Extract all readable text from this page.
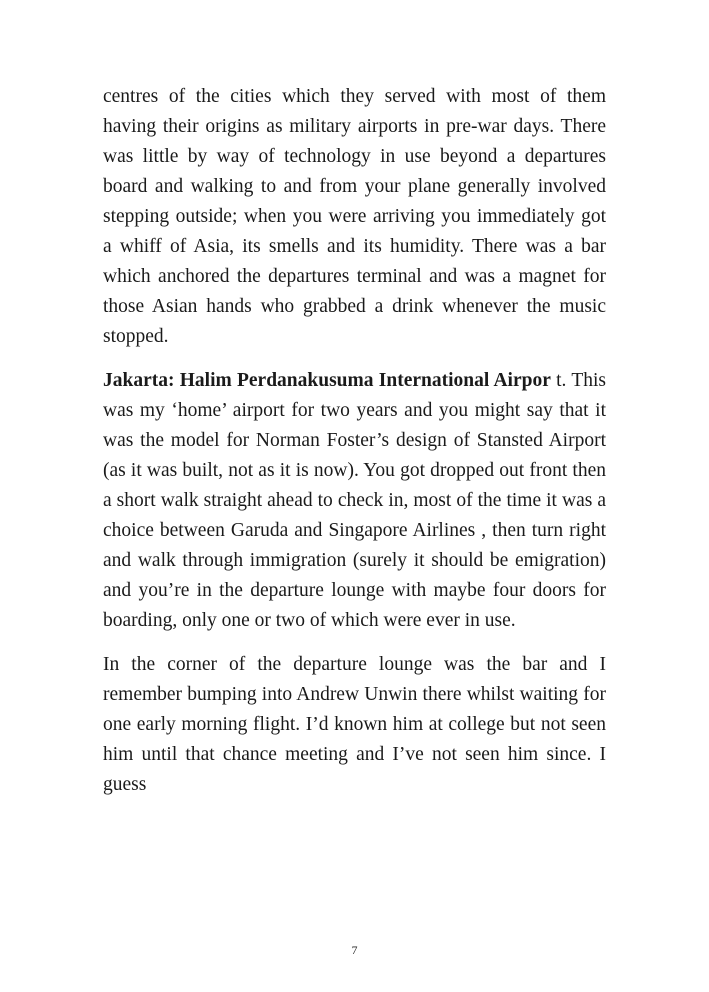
centres of the cities which they served with most of them having their origins as military airports in pre-war days. There was little by way of technology in use beyond a departures board and walking to and from your plane generally involved stepping outside; when you were arriving you immediately got a whiff of Asia, its smells and its humidity. There was a bar which anchored the departures terminal and was a magnet for those Asian hands who grabbed a drink whenever the music stopped.

Jakarta: Halim Perdanakusuma International Airpor t. This was my ‘home’ airport for two years and you might say that it was the model for Norman Foster’s design of Stansted Airport (as it was built, not as it is now). You got dropped out front then a short walk straight ahead to check in, most of the time it was a choice between Garuda and Singapore Airlines , then turn right and walk through immigration (surely it should be emigration) and you’re in the departure lounge with maybe four doors for boarding, only one or two of which were ever in use.

In the corner of the departure lounge was the bar and I remember bumping into Andrew Unwin there whilst waiting for one early morning flight. I’d known him at college but not seen him until that chance meeting and I’ve not seen him since. I guess

7
